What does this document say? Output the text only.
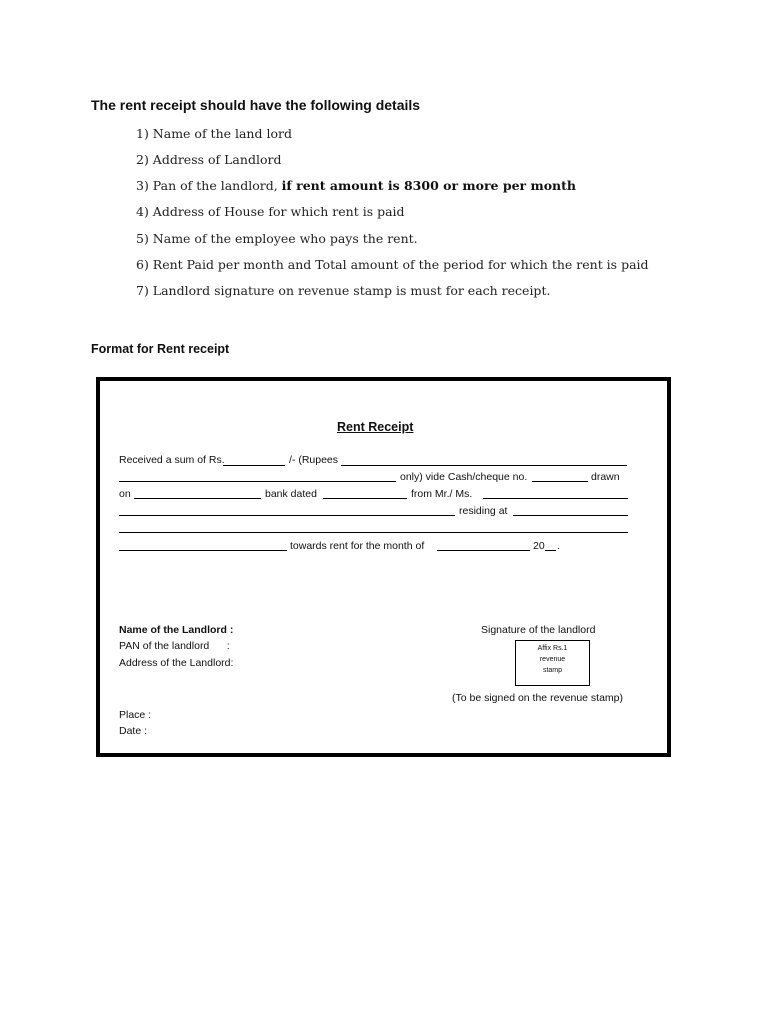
The rent receipt should have the following details
1) Name of the land lord
2) Address of Landlord
3) Pan of the landlord, if rent amount is 8300 or more per month
4) Address of House for which rent is paid
5) Name of the employee who pays the rent.
6) Rent Paid per month and Total amount of the period for which the rent is paid
7) Landlord signature on revenue stamp is must for each receipt.
Format for Rent receipt
Rent Receipt
Received a sum of Rs.	/- (Rupees
only) vide Cash/cheque no.	drawn
on	bank dated	from Mr./ Ms.
residing at
towards rent for the month of	20 .
Name of the Landlord :
PAN of the landlord      :
Address of the Landlord:
Signature of the landlord
Affix Rs.1
revenue
stamp
(To be signed on the revenue stamp)
Place :
Date :
